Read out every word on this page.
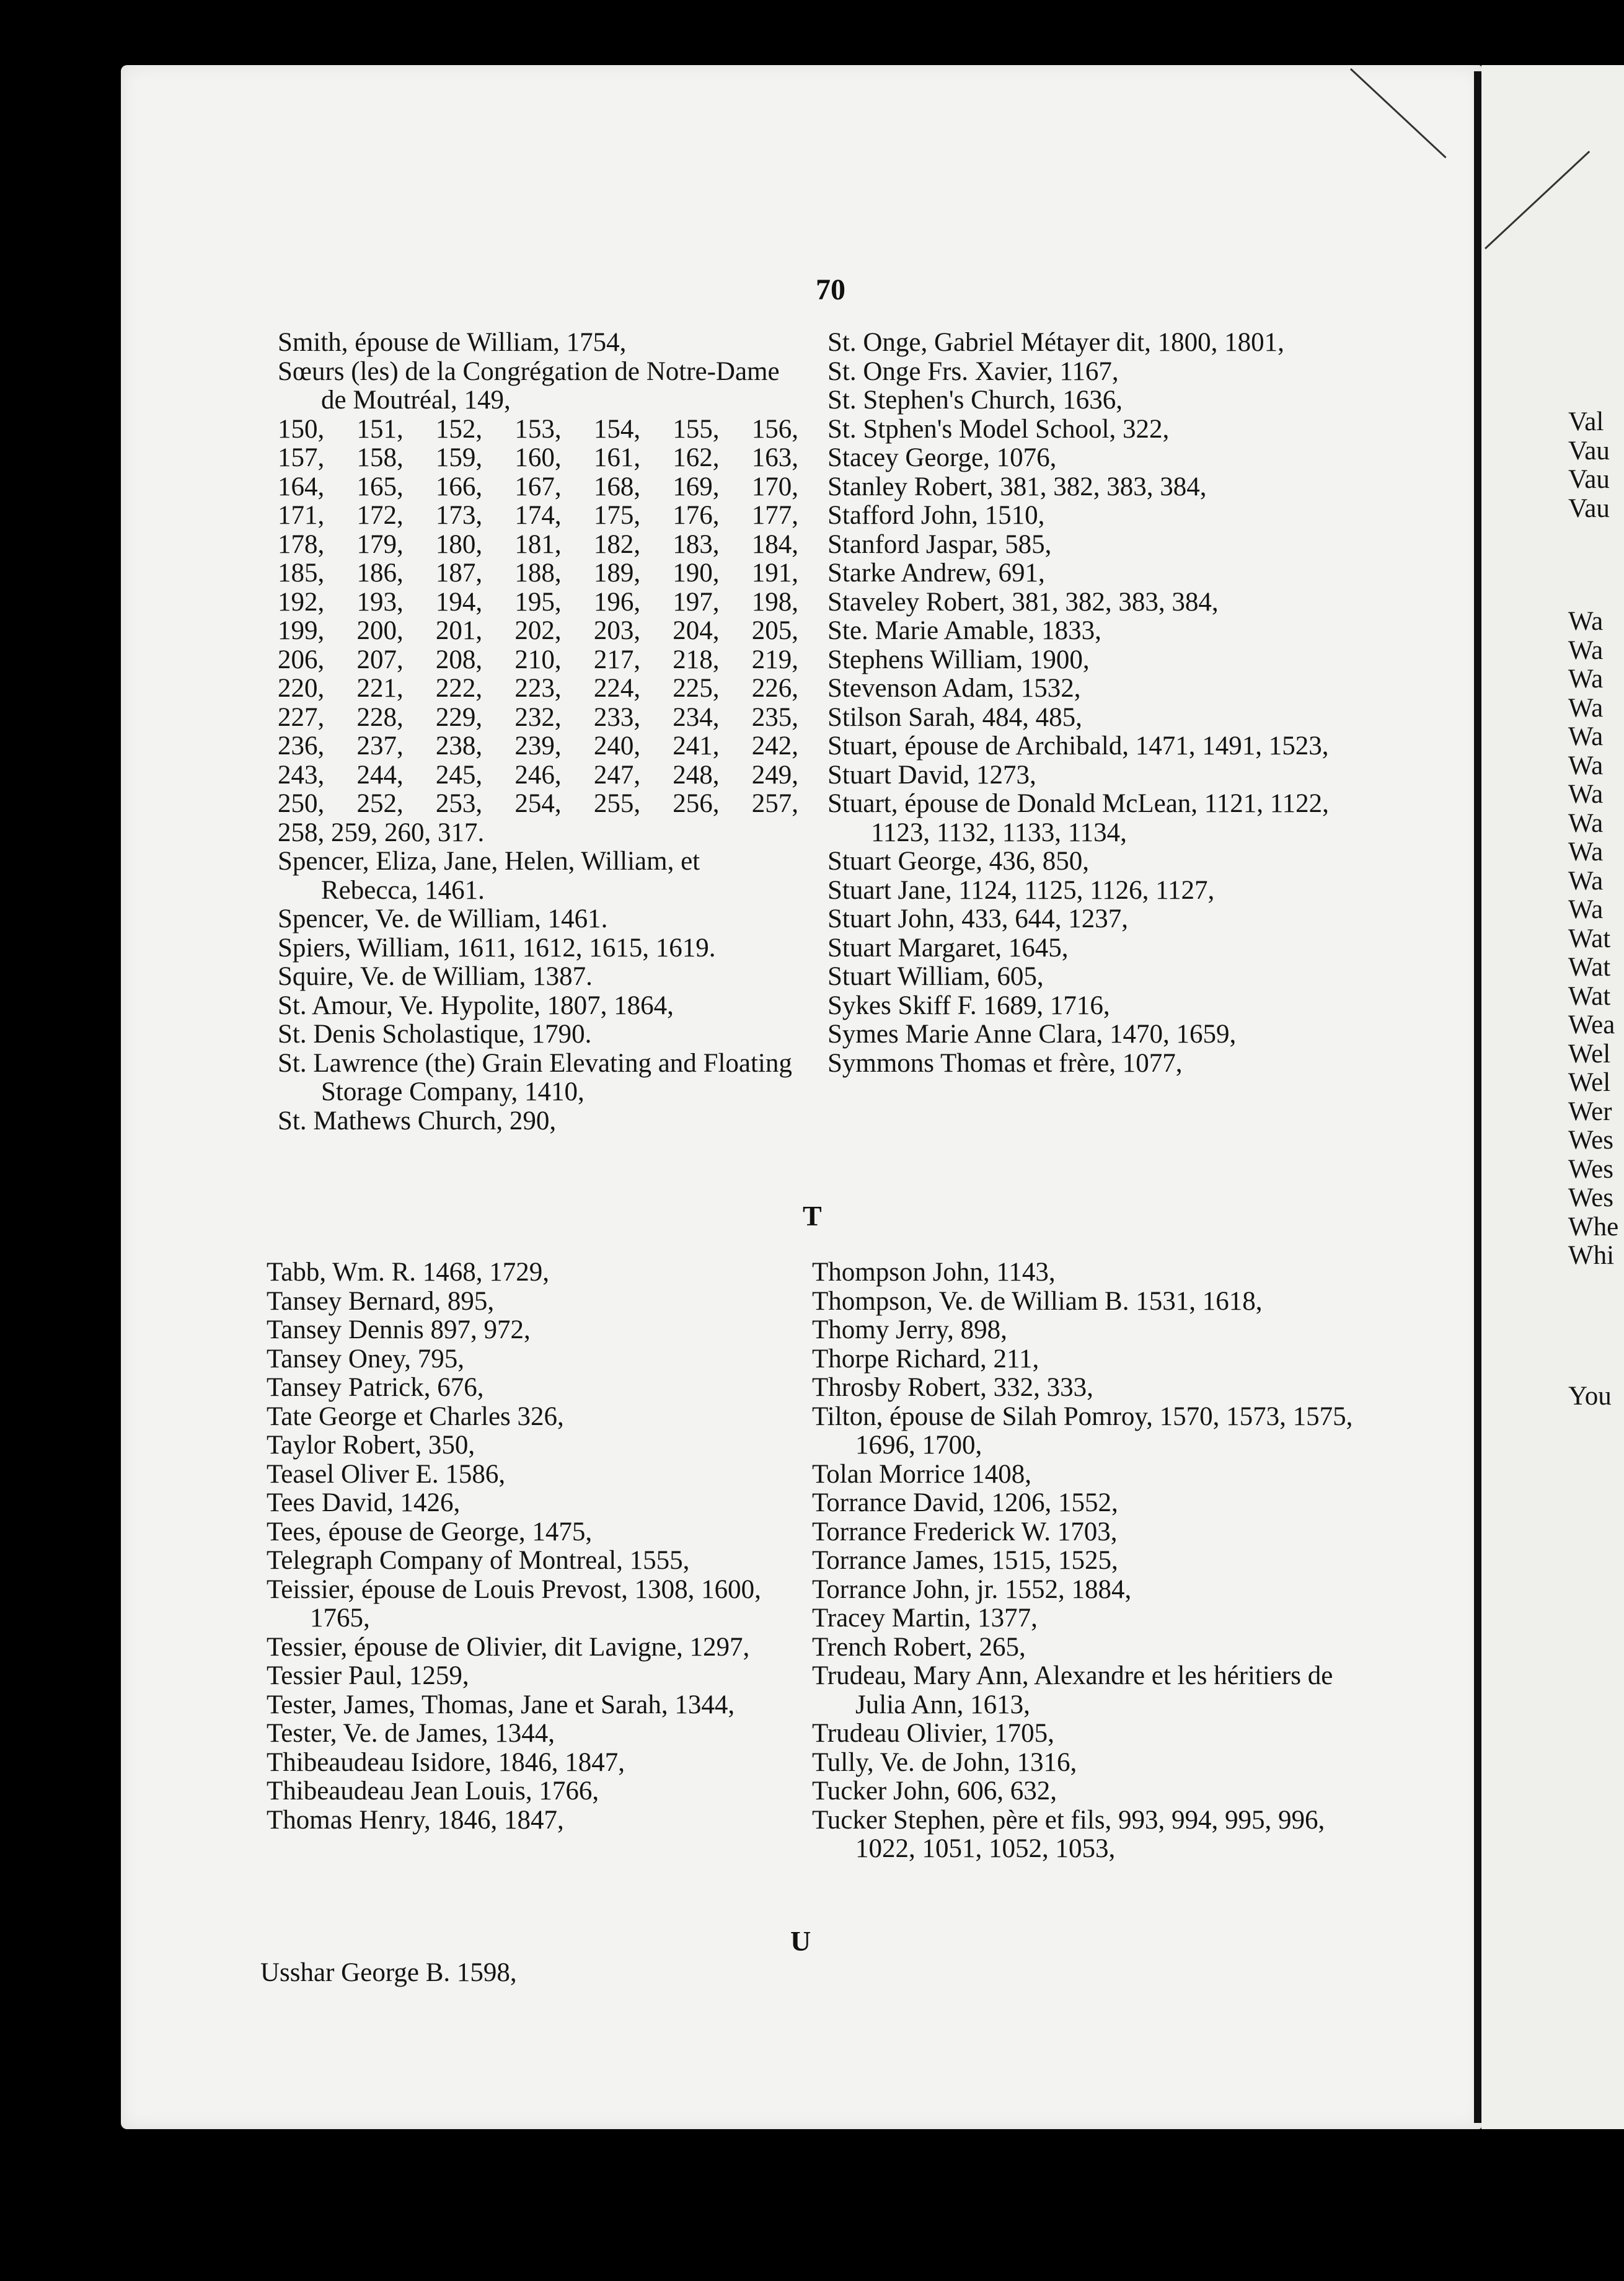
70
Smith, épouse de William, 1754,
Sœurs (les) de la Congrégation de Notre-Dame de Moutréal, 149,
150, 151, 152, 153, 154, 155, 156,
157, 158, 159, 160, 161, 162, 163,
164, 165, 166, 167, 168, 169, 170,
171, 172, 173, 174, 175, 176, 177,
178, 179, 180, 181, 182, 183, 184,
185, 186, 187, 188, 189, 190, 191,
192, 193, 194, 195, 196, 197, 198,
199, 200, 201, 202, 203, 204, 205,
206, 207, 208, 210, 217, 218, 219,
220, 221, 222, 223, 224, 225, 226,
227, 228, 229, 232, 233, 234, 235,
236, 237, 238, 239, 240, 241, 242,
243, 244, 245, 246, 247, 248, 249,
250, 252, 253, 254, 255, 256, 257,
258, 259, 260, 317.
Spencer, Eliza, Jane, Helen, William, et Rebecca, 1461.
Spencer, Ve. de William, 1461.
Spiers, William, 1611, 1612, 1615, 1619.
Squire, Ve. de William, 1387.
St. Amour, Ve. Hypolite, 1807, 1864,
St. Denis Scholastique, 1790.
St. Lawrence (the) Grain Elevating and Floating Storage Company, 1410,
St. Mathews Church, 290,
St. Onge, Gabriel Métayer dit, 1800, 1801,
St. Onge Frs. Xavier, 1167,
St. Stephen's Church, 1636,
St. Stphen's Model School, 322,
Stacey George, 1076,
Stanley Robert, 381, 382, 383, 384,
Stafford John, 1510,
Stanford Jaspar, 585,
Starke Andrew, 691,
Staveley Robert, 381, 382, 383, 384,
Ste. Marie Amable, 1833,
Stephens William, 1900,
Stevenson Adam, 1532,
Stilson Sarah, 484, 485,
Stuart, épouse de Archibald, 1471, 1491, 1523,
Stuart David, 1273,
Stuart, épouse de Donald McLean, 1121, 1122, 1123, 1132, 1133, 1134,
Stuart George, 436, 850,
Stuart Jane, 1124, 1125, 1126, 1127,
Stuart John, 433, 644, 1237,
Stuart Margaret, 1645,
Stuart William, 605,
Sykes Skiff F. 1689, 1716,
Symes Marie Anne Clara, 1470, 1659,
Symmons Thomas et frère, 1077,
T
Tabb, Wm. R. 1468, 1729,
Tansey Bernard, 895,
Tansey Dennis 897, 972,
Tansey Oney, 795,
Tansey Patrick, 676,
Tate George et Charles 326,
Taylor Robert, 350,
Teasel Oliver E. 1586,
Tees David, 1426,
Tees, épouse de George, 1475,
Telegraph Company of Montreal, 1555,
Teissier, épouse de Louis Prevost, 1308, 1600, 1765,
Tessier, épouse de Olivier, dit Lavigne, 1297,
Tessier Paul, 1259,
Tester, James, Thomas, Jane et Sarah, 1344,
Tester, Ve. de James, 1344,
Thibeaudeau Isidore, 1846, 1847,
Thibeaudeau Jean Louis, 1766,
Thomas Henry, 1846, 1847,
Thompson John, 1143,
Thompson, Ve. de William B. 1531, 1618,
Thomy Jerry, 898,
Thorpe Richard, 211,
Throsby Robert, 332, 333,
Tilton, épouse de Silah Pomroy, 1570, 1573, 1575, 1696, 1700,
Tolan Morrice 1408,
Torrance David, 1206, 1552,
Torrance Frederick W. 1703,
Torrance James, 1515, 1525,
Torrance John, jr. 1552, 1884,
Tracey Martin, 1377,
Trench Robert, 265,
Trudeau, Mary Ann, Alexandre et les héritiers de Julia Ann, 1613,
Trudeau Olivier, 1705,
Tully, Ve. de John, 1316,
Tucker John, 606, 632,
Tucker Stephen, père et fils, 993, 994, 995, 996, 1022, 1051, 1052, 1053,
U
Usshar George B. 1598,
Val
Vau
Vau
Vau
Wa
Wa
Wa
Wa
Wa
Wa
Wa
Wa
Wa
Wa
Wa
Wat
Wat
Wat
Wea
Wel
Wel
Wer
Wes
Wes
Wes
Whe
Whi
You
